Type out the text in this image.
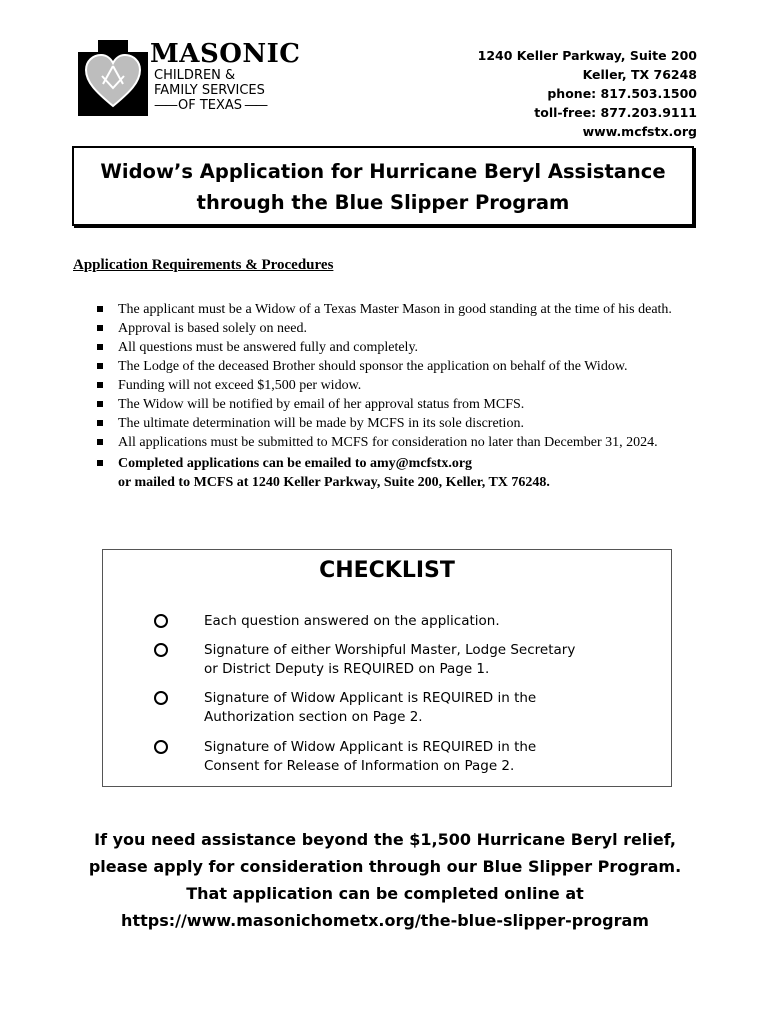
MASONIC
CHILDREN &
FAMILY SERVICES
—— OF TEXAS ——
1240 Keller Parkway, Suite 200
Keller, TX 76248
phone: 817.503.1500
toll-free: 877.203.9111
www.mcfstx.org
Widow’s Application for Hurricane Beryl Assistance
through the Blue Slipper Program
Application Requirements & Procedures
The applicant must be a Widow of a Texas Master Mason in good standing at the time of his death.
Approval is based solely on need.
All questions must be answered fully and completely.
The Lodge of the deceased Brother should sponsor the application on behalf of the Widow.
Funding will not exceed $1,500 per widow.
The Widow will be notified by email of her approval status from MCFS.
The ultimate determination will be made by MCFS in its sole discretion.
All applications must be submitted to MCFS for consideration no later than December 31, 2024.
Completed applications can be emailed to amy@mcfstx.org
or mailed to MCFS at 1240 Keller Parkway, Suite 200, Keller, TX 76248.
CHECKLIST
Each question answered on the application.
Signature of either Worshipful Master, Lodge Secretary
or District Deputy is REQUIRED on Page 1.
Signature of Widow Applicant is REQUIRED in the
Authorization section on Page 2.
Signature of Widow Applicant is REQUIRED in the
Consent for Release of Information on Page 2.
If you need assistance beyond the $1,500 Hurricane Beryl relief,
please apply for consideration through our Blue Slipper Program.
That application can be completed online at
https://www.masonichometx.org/the-blue-slipper-program
